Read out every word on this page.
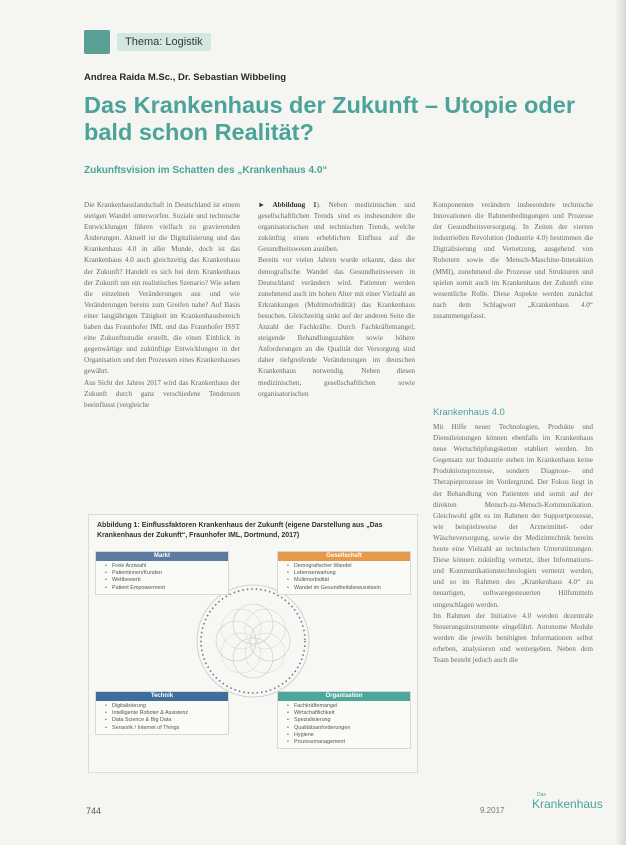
Thema: Logistik
Andrea Raida M.Sc., Dr. Sebastian Wibbeling
Das Krankenhaus der Zukunft – Utopie oder bald schon Realität?
Zukunftsvision im Schatten des „Krankenhaus 4.0“

Die Krankenhauslandschaft in Deutschland ist einem stetigen Wandel unterworfen. Soziale und technische Entwicklungen führen vielfach zu gravierenden Änderungen. Aktuell ist die Digitalisierung und das Krankenhaus 4.0 in aller Munde, doch ist das Krankenhaus 4.0 auch gleichzeitig das Krankenhaus der Zukunft? Handelt es sich bei dem Krankenhaus der Zukunft um ein realistisches Szenario? Wie sehen die einzelnen Veränderungen aus und wie Veränderungen bereits zum Greifen nahe? Auf Basis einer langjährigen Tätigkeit im Krankenhausbereich haben das Fraunhofer IML und das Fraunhofer ISST eine Zukunftsstudie erstellt, die einen Einblick in gegenwärtige und zukünftige Entwicklungen in der Organisation und den Prozessen eines Krankenhauses gewährt.

Aus Sicht der Jahres 2017 wird das Krankenhaus der Zukunft durch ganz verschiedene Tendenzen beeinflusst (vergleiche

► Abbildung 1). Neben medizinischen und gesellschaftlichen Trends sind es insbesondere die organisatorischen und technischen Trends, welche zukünftig einen erheblichen Einfluss auf die Gesundheitswesen ausüben.

Bereits vor vielen Jahren wurde erkannt, dass der demografische Wandel das Gesundheitswesen in Deutschland verändern wird. Patienten werden zunehmend auch im hohen Alter mit einer Vielzahl an Erkrankungen (Multimorbidität) das Krankenhaus besuchen. Gleichzeitig sinkt auf der anderen Seite die Anzahl der Fachkräfte. Durch Fachkräftemangel, steigende Behandlungszahlen sowie höhere Anforderungen an die Qualität der Versorgung sind daher tiefgreifende Veränderungen im deutschen Krankenhaus notwendig. Neben diesen medizinischen, gesellschaftlichen sowie organisatorischen

Komponenten verändern insbesondere technische Innovationen die Rahmenbedingungen und Prozesse der Gesundheitsversorgung. In Zeiten der vierten industriellen Revolution (Industrie 4.0) bestimmen die Digitalisierung und Vernetzung, ausgehend von Robotern sowie die Mensch-Maschine-Interaktion (MMI), zunehmend die Prozesse und Strukturen und spielen somit auch im Krankenhaus der Zukunft eine wesentliche Rolle. Diese Aspekte werden zunächst nach dem Schlagwort „Krankenhaus 4.0“ zusammengefasst.

Krankenhaus 4.0

Mit Hilfe neuer Technologien, Produkte und Dienstleistungen können ebenfalls im Krankenhaus neue Wertschöpfungsketten etabliert werden. Im Gegensatz zur Industrie stehen im Krankenhaus keine Produktionsprozesse, sondern Diagnose- und Therapieprozesse im Vordergrund. Der Fokus liegt in der Behandlung von Patienten und somit auf der direkten Mensch-zu-Mensch-Kommunikation. Gleichwohl gibt es im Rahmen der Supportprozesse, wie beispielsweise der Arzneimittel- oder Wäscheversorgung, sowie der Medizintechnik bereits heute eine Vielzahl an technischen Unterstützungen. Diese können zukünftig vernetzt, über Informations- und Kommunikationstechnologien vernetzt werden, und so im Rahmen des „Krankenhaus 4.0“ zu neuartigen, softwaregesteuerten Hilfsmitteln umgeschlagen werden.

Im Rahmen der Initiative 4.0 werden dezentrale Steuerungsinstrumente eingeführt. Autonome Module werden die jeweils benötigten Informationen selbst erheben, analysieren und weitergeben. Neben dem Team besteht jedoch auch die

Abbildung 1: Einflussfaktoren Krankenhaus der Zukunft (eigene Darstellung aus „Das Krankenhaus der Zukunft“, Fraunhofer IML, Dortmund, 2017)
Markt
• Freie Arztwahl
• Patientinnen/Kunden
• Wettbewerb
• Patient Empowerment
Gesellschaft
• Demografischer Wandel
• Lebenserwartung
• Multimorbidität
• Wandel im Gesundheitsbewusstsein
Technik
• Digitalisierung
• Intelligente Roboter & Assistenz
• Data Science & Big Data
• Sensorik / Internet of Things
Organisation
• Fachkräftemangel
• Wirtschaftlichkeit
• Spezialisierung
• Qualitätsanforderungen
• Hygiene
• Prozessmanagement
744	9.2017
Das
Krankenhaus
